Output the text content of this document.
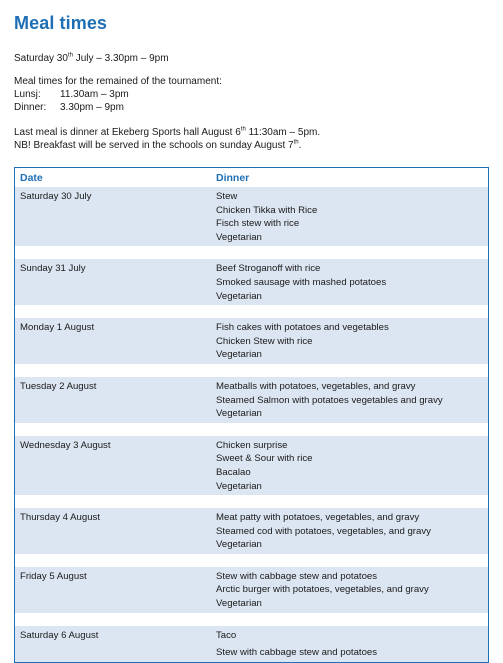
Meal times

Saturday 30th July – 3.30pm – 9pm

Meal times for the remained of the tournament:

Lunsj: 11.30am – 3pm

Dinner: 3.30pm – 9pm

Last meal is dinner at Ekeberg Sports hall August 6th 11:30am – 5pm.

NB! Breakfast will be served in the schools on sunday August 7th.

Date	Dinner
Saturday 30 July	Stew
Chicken Tikka with Rice
Fisch stew with rice
Vegetarian

Sunday 31 July	Beef Stroganoff with rice
Smoked sausage with mashed potatoes
Vegetarian

Monday 1 August	Fish cakes with potatoes and vegetables
Chicken Stew with rice
Vegetarian

Tuesday 2 August	Meatballs with potatoes, vegetables, and gravy
Steamed Salmon with potatoes vegetables and gravy
Vegetarian

Wednesday 3 August	Chicken surprise
Sweet & Sour with rice
Bacalao
Vegetarian

Thursday 4 August	Meat patty with potatoes, vegetables, and gravy
Steamed cod with potatoes, vegetables, and gravy
Vegetarian

Friday 5 August	Stew with cabbage stew and potatoes
Arctic burger with potatoes, vegetables, and gravy
Vegetarian

Saturday 6 August	Taco
Stew with cabbage stew and potatoes
